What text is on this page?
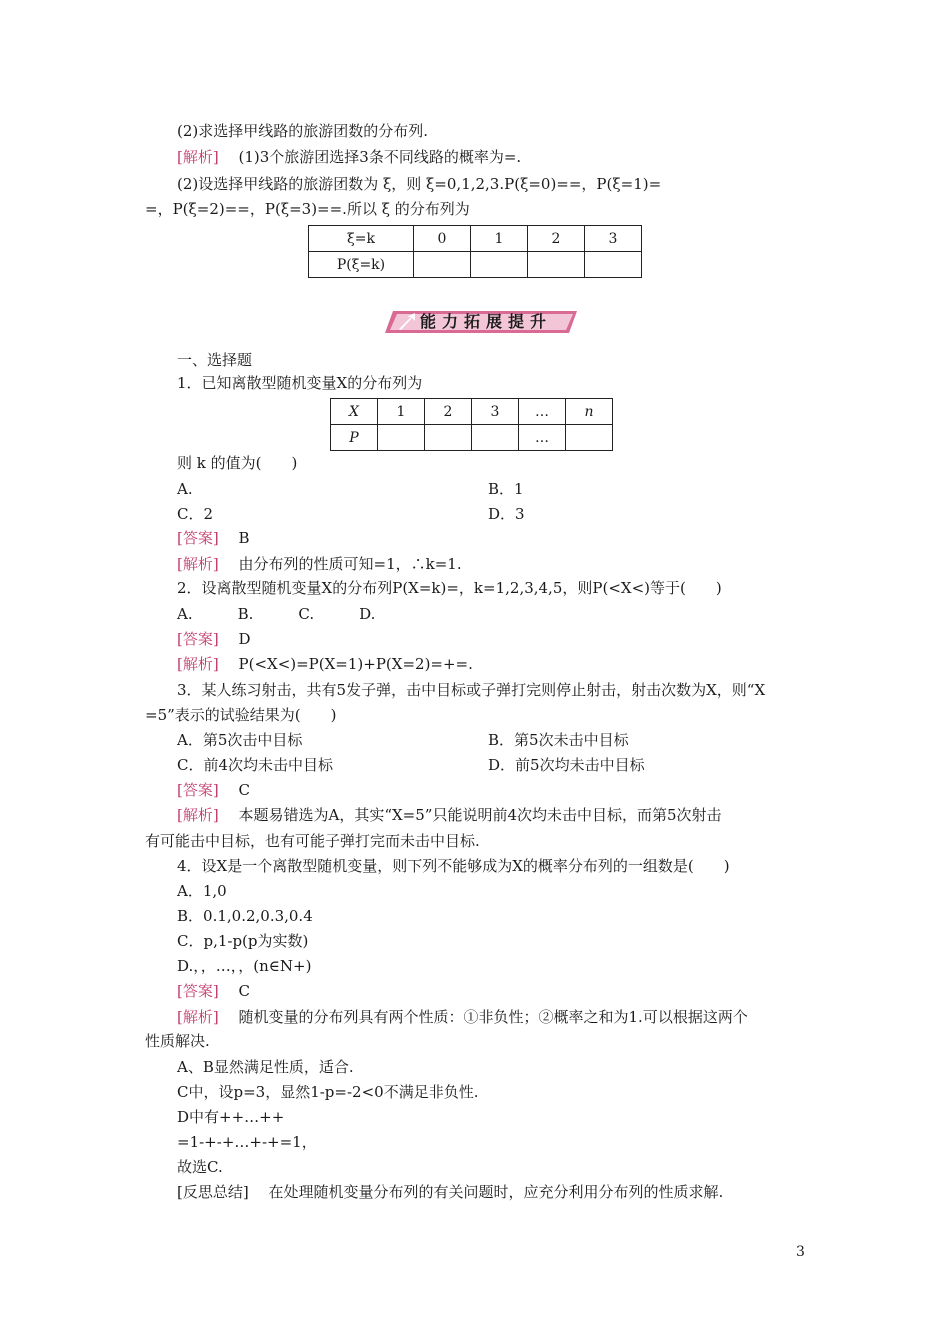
(2)求选择甲线路的旅游团数的分布列.
[解析]　 (1)3个旅游团选择3条不同线路的概率为=.
(2)设选择甲线路的旅游团数为 ξ，则 ξ=0,1,2,3.P(ξ=0)==，P(ξ=1)=
=，P(ξ=2)==，P(ξ=3)==.所以 ξ 的分布列为
ξ=k	0	1	2	3
P(ξ=k)				
能力拓展提升
一、选择题
1．已知离散型随机变量X的分布列为
X	1	2	3	…	n
P				…	
则 k 的值为(　　)
A.	B．1
C．2	D．3
[答案]　 B
[解析]　 由分布列的性质可知=1，∴k=1.
2．设离散型随机变量X的分布列P(X=k)=，k=1,2,3,4,5，则P(<X<)等于(　　)
A.　　　B.　　　C.　　　D.
[答案]　 D
[解析]　 P(<X<)=P(X=1)+P(X=2)=+=.
3．某人练习射击，共有5发子弹，击中目标或子弹打完则停止射击，射击次数为X，则“X
=5”表示的试验结果为(　　)
A．第5次击中目标	B．第5次未击中目标
C．前4次均未击中目标	D．前5次均未击中目标
[答案]　 C
[解析]　 本题易错选为A，其实“X=5”只能说明前4次均未击中目标，而第5次射击
有可能击中目标，也有可能子弹打完而未击中目标.
4．设X是一个离散型随机变量，则下列不能够成为X的概率分布列的一组数是(　　)
A．1,0
B．0.1,0.2,0.3,0.4
C．p,1-p(p为实数)
D.，，…，，(n∈N+)
[答案]　 C
[解析]　 随机变量的分布列具有两个性质：①非负性；②概率之和为1.可以根据这两个
性质解决.
A、B显然满足性质，适合.
C中，设p=3，显然1-p=-2<0不满足非负性.
D中有++…++
=1-+-+…+-+=1，
故选C.
[反思总结]　 在处理随机变量分布列的有关问题时，应充分利用分布列的性质求解.
3
